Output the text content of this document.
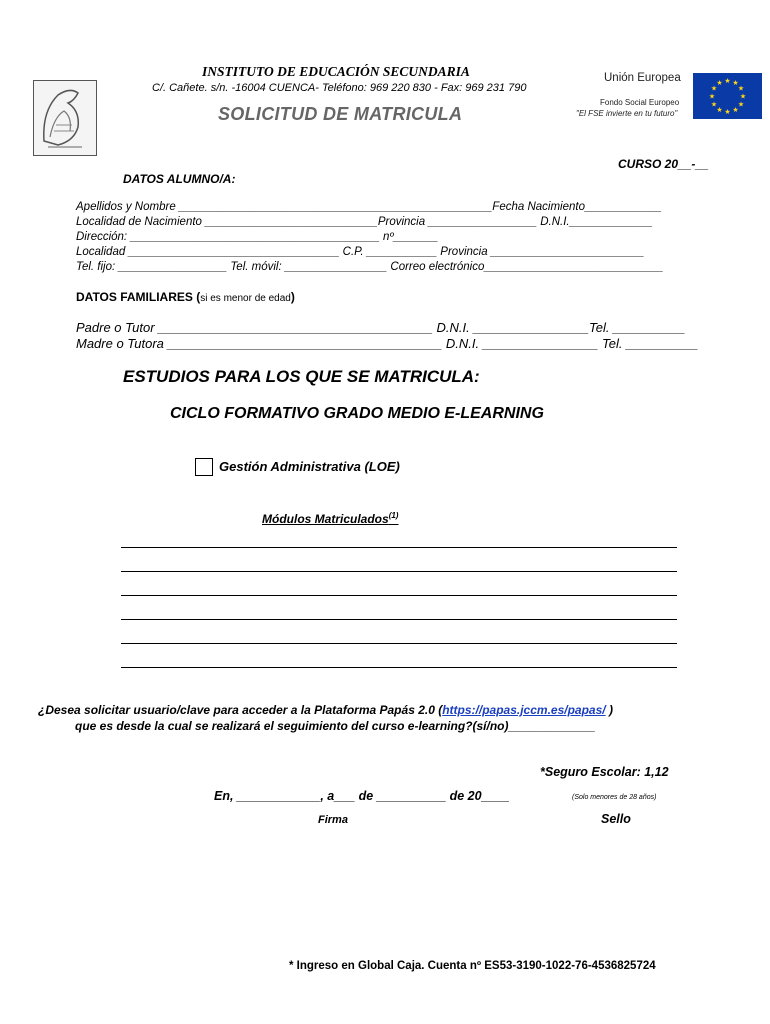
INSTITUTO DE EDUCACIÓN SECUNDARIA
C/. Cañete. s/n. -16004 CUENCA- Teléfono: 969 220 830 - Fax: 969 231 790
SOLICITUD DE MATRICULA
Unión Europea
Fondo Social Europeo
"El FSE invierte en tu futuro"
★ ★
★
★
★
★
★
★
★
★
★
★
CURSO 20__-__
DATOS ALUMNO/A:
Apellidos y Nombre _________________________________________________Fecha Nacimiento____________
Localidad de Nacimiento ___________________________Provincia _________________ D.N.I._____________
Dirección: _______________________________________ nº_______
Localidad _________________________________ C.P. ___________ Provincia ________________________
Tel. fijo: _________________ Tel. móvil: ________________ Correo electrónico____________________________
DATOS FAMILIARES (si es menor de edad)
Padre o Tutor ______________________________________ D.N.I. ________________Tel. __________
Madre o Tutora ______________________________________ D.N.I. ________________ Tel. __________
ESTUDIOS PARA LOS QUE SE MATRICULA:
CICLO FORMATIVO GRADO MEDIO E-LEARNING
Gestión Administrativa (LOE)
Módulos Matriculados$^{(1)}$
¿Desea solicitar usuario/clave para acceder a la Plataforma Papás 2.0 (https://papas.jccm.es/papas/ )
que es desde la cual se realizará el seguimiento del curso e-learning?(sí/no)_____________
*Seguro Escolar: 1,12
En, ____________, a___ de __________ de 20____	(Solo menores de 28 años)
Firma	Sello
* Ingreso en Global Caja. Cuenta nº ES53-3190-1022-76-4536825724
